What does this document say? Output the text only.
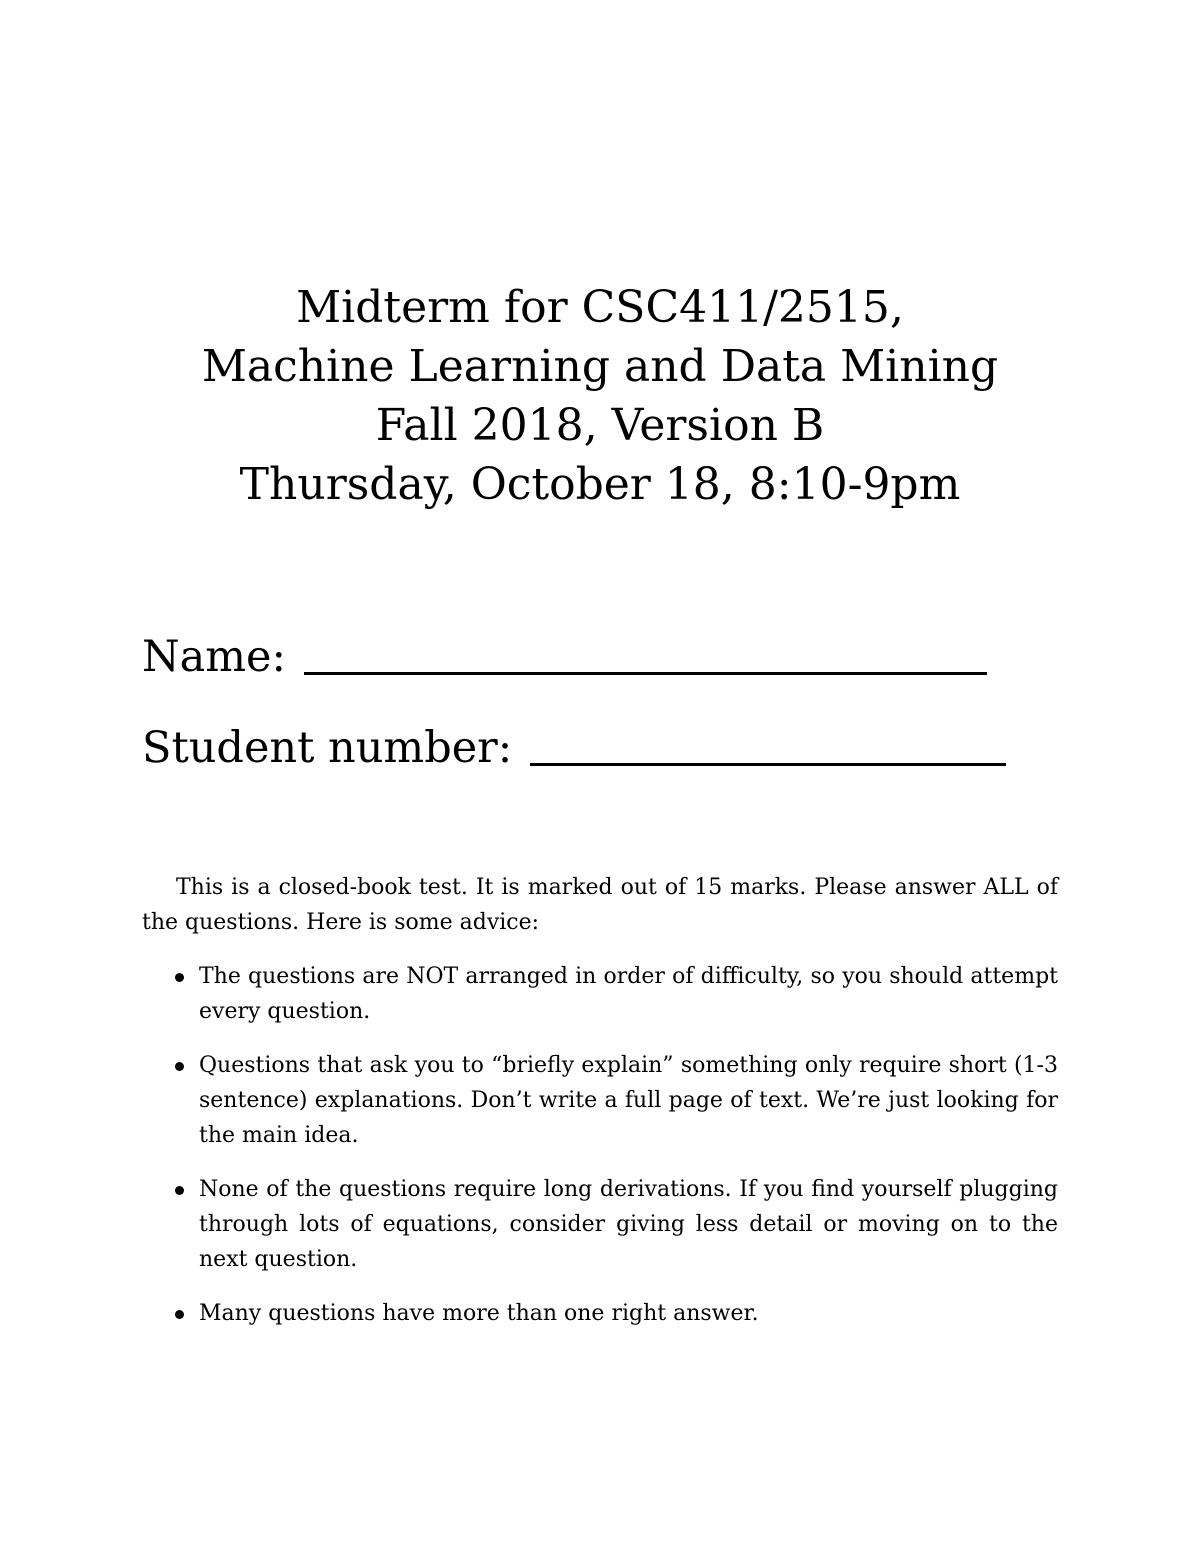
Midterm for CSC411/2515,
Machine Learning and Data Mining
Fall 2018, Version B
Thursday, October 18, 8:10-9pm
Name:
Student number:

This is a closed-book test. It is marked out of 15 marks. Please answer ALL of the questions. Here is some advice:

The questions are NOT arranged in order of difficulty, so you should attempt every question.
Questions that ask you to “briefly explain” something only require short (1-3 sentence) explanations. Don’t write a full page of text. We’re just looking for the main idea.
None of the questions require long derivations. If you find yourself plugging through lots of equations, consider giving less detail or moving on to the next question.
Many questions have more than one right answer.
